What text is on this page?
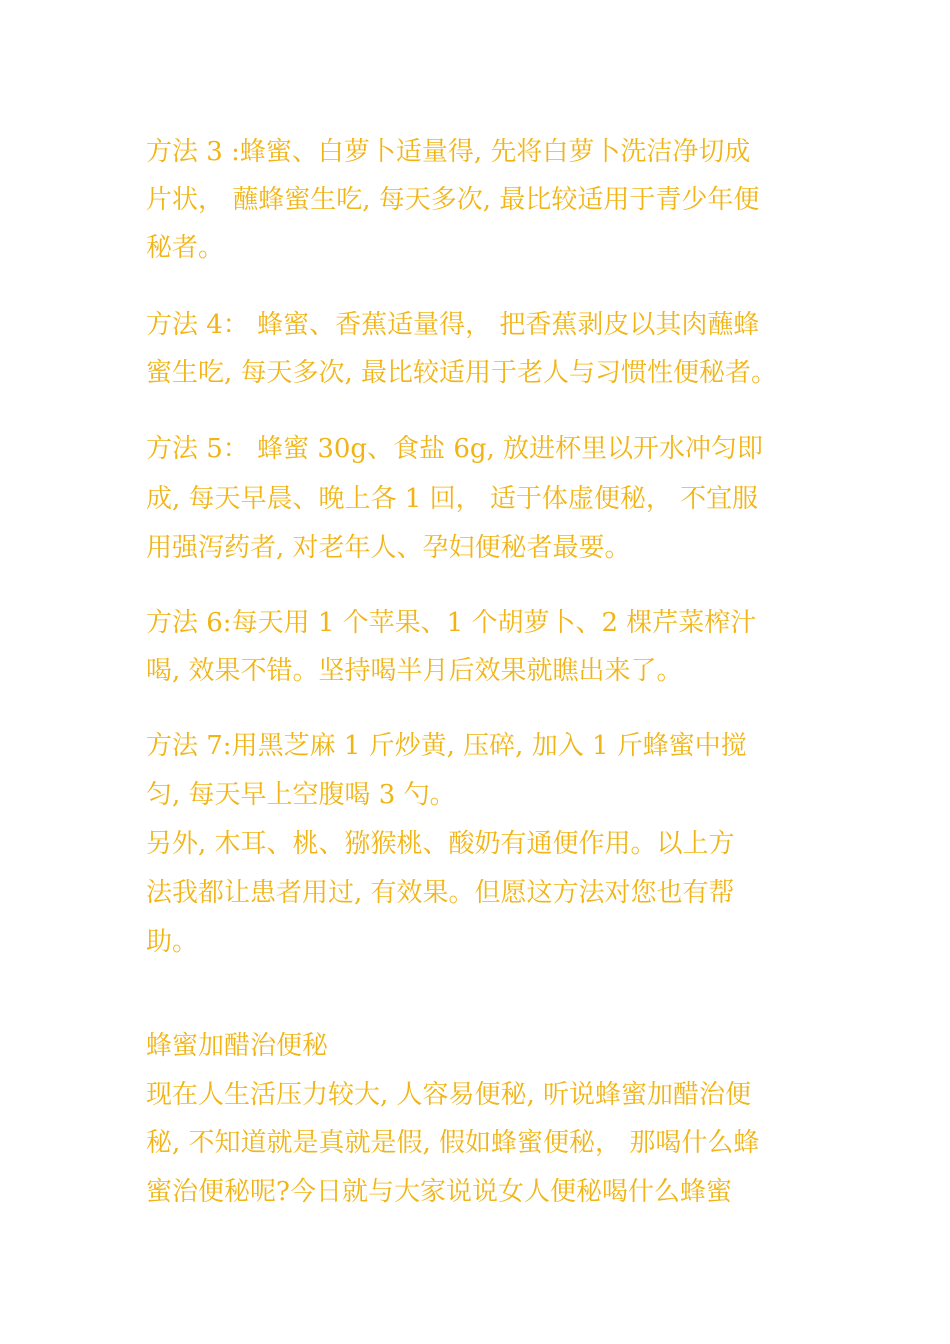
方法 3 :蜂蜜、白萝卜适量得, 先将白萝卜洗洁净切成

片状， 蘸蜂蜜生吃, 每天多次, 最比较适用于青少年便

秘者。

方法 4： 蜂蜜、香蕉适量得， 把香蕉剥皮以其肉蘸蜂

蜜生吃, 每天多次, 最比较适用于老人与习惯性便秘者。

方法 5： 蜂蜜 30g、食盐 6g, 放进杯里以开水冲匀即

成, 每天早晨、晚上各 1 回， 适于体虚便秘， 不宜服

用强泻药者, 对老年人、孕妇便秘者最要。

方法 6:每天用 1 个苹果、1 个胡萝卜、2 棵芹菜榨汁

喝, 效果不错。坚持喝半月后效果就瞧出来了。

方法 7:用黑芝麻 1 斤炒黄, 压碎, 加入 1 斤蜂蜜中搅

匀, 每天早上空腹喝 3 勺。

另外, 木耳、桃、猕猴桃、酸奶有通便作用。以上方

法我都让患者用过, 有效果。但愿这方法对您也有帮

助。

蜂蜜加醋治便秘

现在人生活压力较大, 人容易便秘, 听说蜂蜜加醋治便

秘, 不知道就是真就是假, 假如蜂蜜便秘， 那喝什么蜂

蜜治便秘呢?今日就与大家说说女人便秘喝什么蜂蜜
